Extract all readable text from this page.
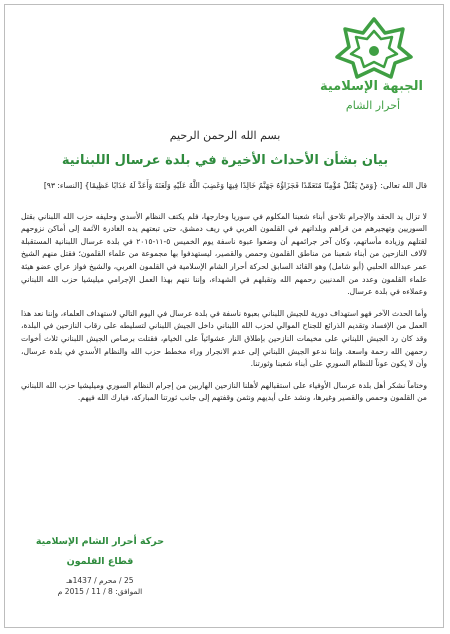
الجبهة الإسلامية
أحرار الشام
بسم الله الرحمن الرحيم
بيان بشأن الأحداث الأخيرة في بلدة عرسال اللبنانية

قال الله تعالى: {وَمَنْ يَقْتُلْ مُؤْمِنًا مُتَعَمِّدًا فَجَزَاؤُهُ جَهَنَّمُ خَالِدًا فِيهَا وَغَضِبَ اللَّهُ عَلَيْهِ وَلَعَنَهُ وَأَعَدَّ لَهُ عَذَابًا عَظِيمًا} [النساء: ٩٣]

لا تزال يد الحقد والإجرام تلاحق أبناء شعبنا المكلوم في سوريا وخارجها، فلم يكتف النظام الأسدي وحليفه حزب الله اللبناني بقتل السوريين وتهجيرهم من قراهم وبلداتهم في القلمون الغربي في ريف دمشق، حتى تبعتهم يده الغادرة الآثمة إلى أماكن نزوحهم لقتلهم وزيادة مأساتهم، وكان آخر جرائمهم أن وضعوا عبوة ناسفة يوم الخميس ٥-١١-٢٠١٥ في بلدة عرسال اللبنانية المستقبلة لآلاف النازحين من أبناء شعبنا من مناطق القلمون وحمص والقصير، ليستهدفوا بها مجموعة من علماء القلمون؛ فقتل منهم الشيخ عمر عبدالله الحلبي (أبو شامل) وهو القائد السابق لحركة أحرار الشام الإسلامية في القلمون الغربي، والشيخ فواز عراي عضو هيئة علماء القلمون وعدد من المدنيين رحمهم الله وتقبلهم في الشهداء، وإننا نتهم بهذا العمل الإجرامي ميليشيا حزب الله اللبناني وعملاءه في بلدة عرسال.

وأما الحدث الآخر فهو استهداف دورية للجيش اللبناني بعبوة ناسفة في بلدة عرسال في اليوم التالي لاستهداف العلماء، وإننا نعد هذا العمل من الإفساد وتقديم الذرائع للجناح الموالي لحزب الله اللبناني داخل الجيش اللبناني لتسليطه على رقاب النازحين في البلدة، وقد كان رد الجيش اللبناني على مخيمات النازحين بإطلاق النار عشوائياً على الخيام، فقتلت برصاص الجيش اللبناني ثلاث أخوات رحمهن الله رحمة واسعة. وإننا ندعو الجيش اللبناني إلى عدم الانجرار وراء مخطط حزب الله والنظام الأسدي في بلدة عرسال، وأن لا يكون عوناً للنظام السوري على أبناء شعبنا وثورتنا.

وختاماً نشكر أهل بلدة عرسال الأوفياء على استقبالهم لأهلنا النازحين الهاربين من إجرام النظام السوري وميليشيا حزب الله اللبناني من القلمون وحمص والقصير وغيرها، ونشد على أيديهم ونثمن وقفتهم إلى جانب ثورتنا المباركة، فبارك الله فيهم.

حركة أحرار الشام الإسلامية
قطاع القلمون
25 / محرم / 1437هـ
الموافق: 8 / 11 / 2015 م
